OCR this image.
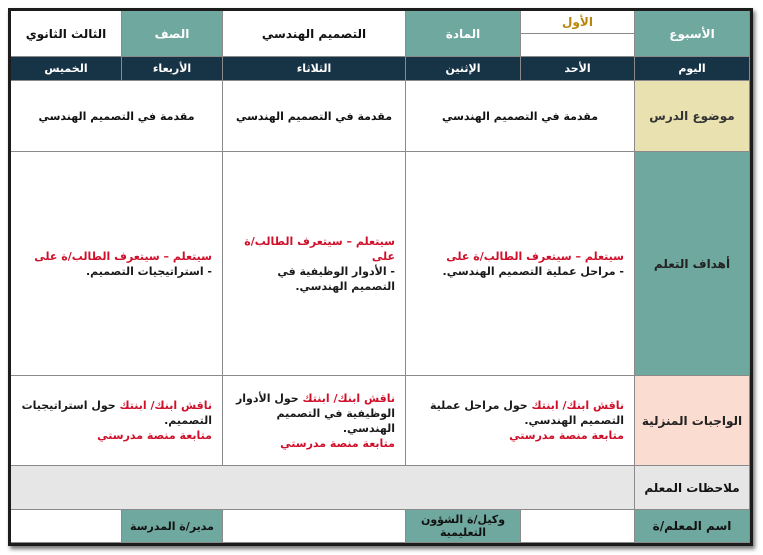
الأسبوع
الأول
المادة
التصميم الهندسي
الصف
الثالث الثانوي
اليوم
الأحد
الإثنين
الثلاثاء
الأربعاء
الخميس
موضوع الدرس
مقدمة في التصميم الهندسي
مقدمة في التصميم الهندسي
مقدمة في التصميم الهندسي
أهداف التعلم
سيتعلم – سيتعرف الطالب/ة على
- مراحل عملية التصميم الهندسي.
سيتعلم – سيتعرف الطالب/ة على
- الأدوار الوظيفية في التصميم الهندسي.
سيتعلم – سيتعرف الطالب/ة على
- استراتيجيات التصميم.
الواجبات المنزلية
ناقش ابنك/ ابنتك حول مراحل عملية التصميم الهندسي.
متابعة منصة مدرستي
ناقش ابنك/ ابنتك حول الأدوار الوظيفية في التصميم الهندسي.
متابعة منصة مدرستي
ناقش ابنك/ ابنتك حول استراتيجيات التصميم.
متابعة منصة مدرستي
ملاحظات المعلم
اسم المعلم/ة
وكيل/ة الشؤون التعليمية
مدير/ة المدرسة
